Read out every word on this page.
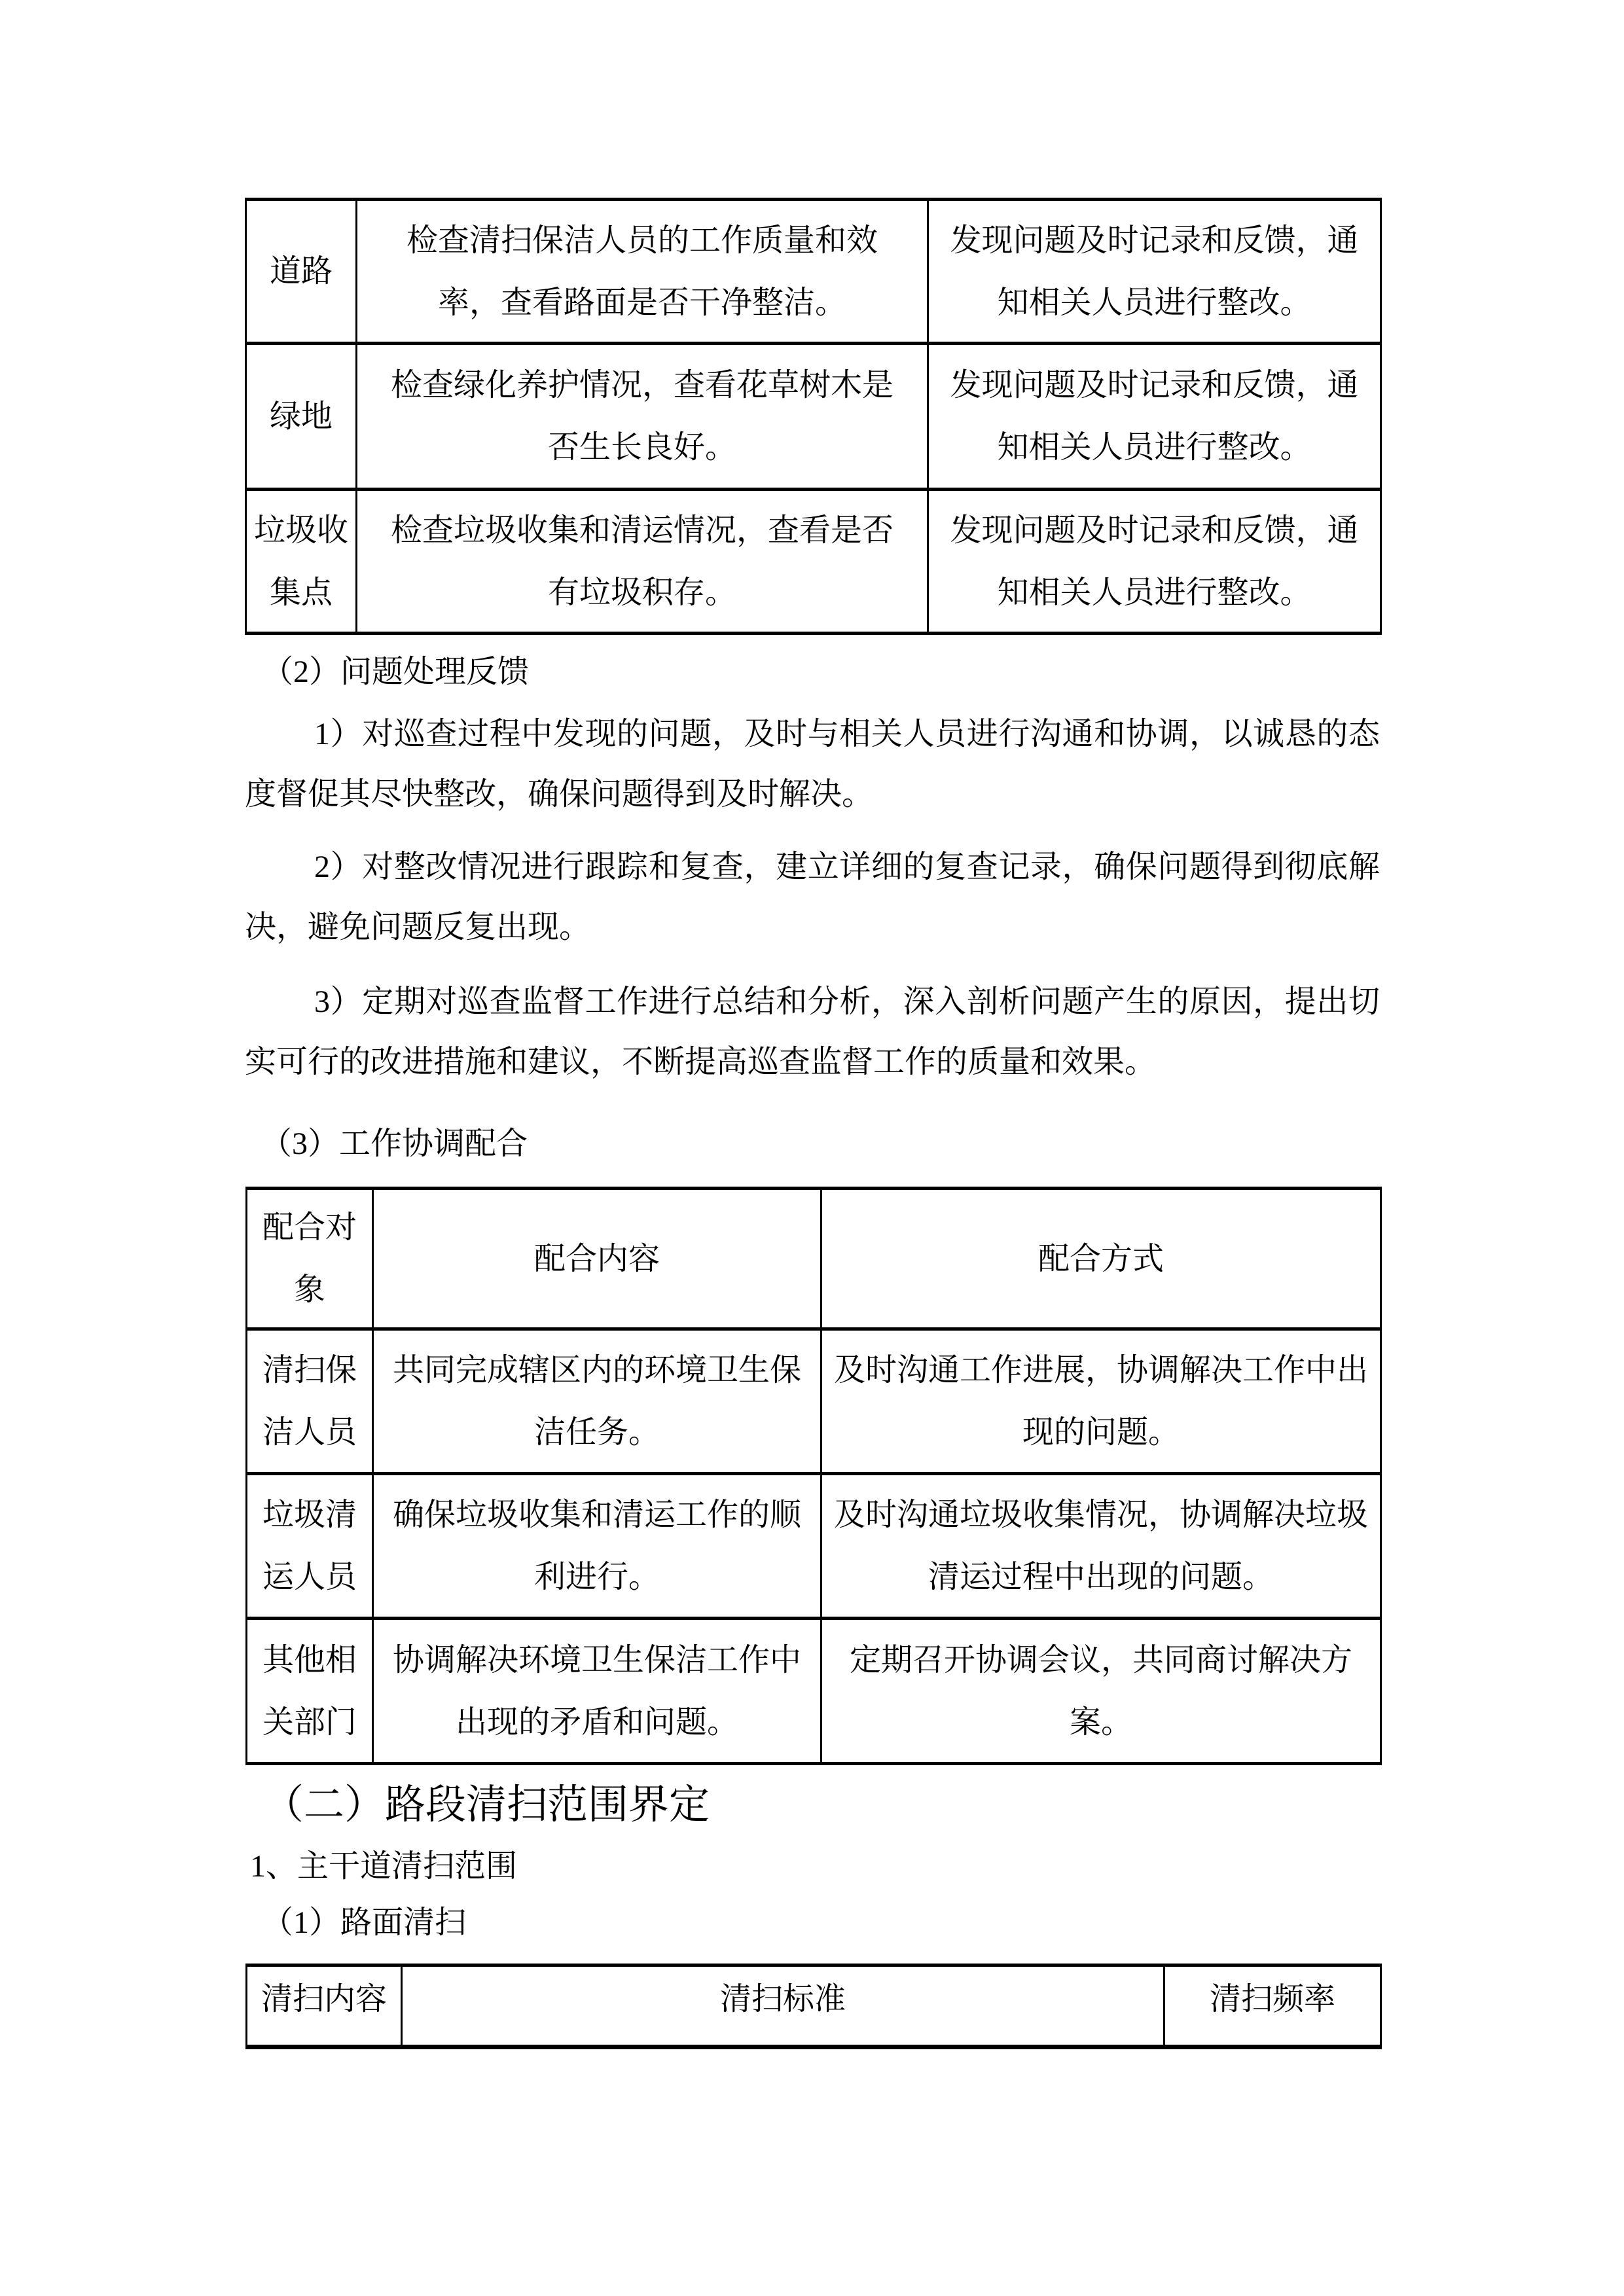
道路	检查清扫保洁人员的工作质量和效率，查看路面是否干净整洁。	发现问题及时记录和反馈，通知相关人员进行整改。
绿地	检查绿化养护情况，查看花草树木是否生长良好。	发现问题及时记录和反馈，通知相关人员进行整改。
垃圾收集点	检查垃圾收集和清运情况，查看是否有垃圾积存。	发现问题及时记录和反馈，通知相关人员进行整改。
（2）问题处理反馈
1）对巡查过程中发现的问题，及时与相关人员进行沟通和协调，以诚恳的态度督促其尽快整改，确保问题得到及时解决。
2）对整改情况进行跟踪和复查，建立详细的复查记录，确保问题得到彻底解决，避免问题反复出现。
3）定期对巡查监督工作进行总结和分析，深入剖析问题产生的原因，提出切实可行的改进措施和建议，不断提高巡查监督工作的质量和效果。
（3）工作协调配合
配合对象	配合内容	配合方式
清扫保洁人员	共同完成辖区内的环境卫生保洁任务。	及时沟通工作进展，协调解决工作中出现的问题。
垃圾清运人员	确保垃圾收集和清运工作的顺利进行。	及时沟通垃圾收集情况，协调解决垃圾清运过程中出现的问题。
其他相关部门	协调解决环境卫生保洁工作中出现的矛盾和问题。	定期召开协调会议，共同商讨解决方案。
（二）路段清扫范围界定
1、主干道清扫范围
（1）路面清扫
清扫内容	清扫标准	清扫频率
